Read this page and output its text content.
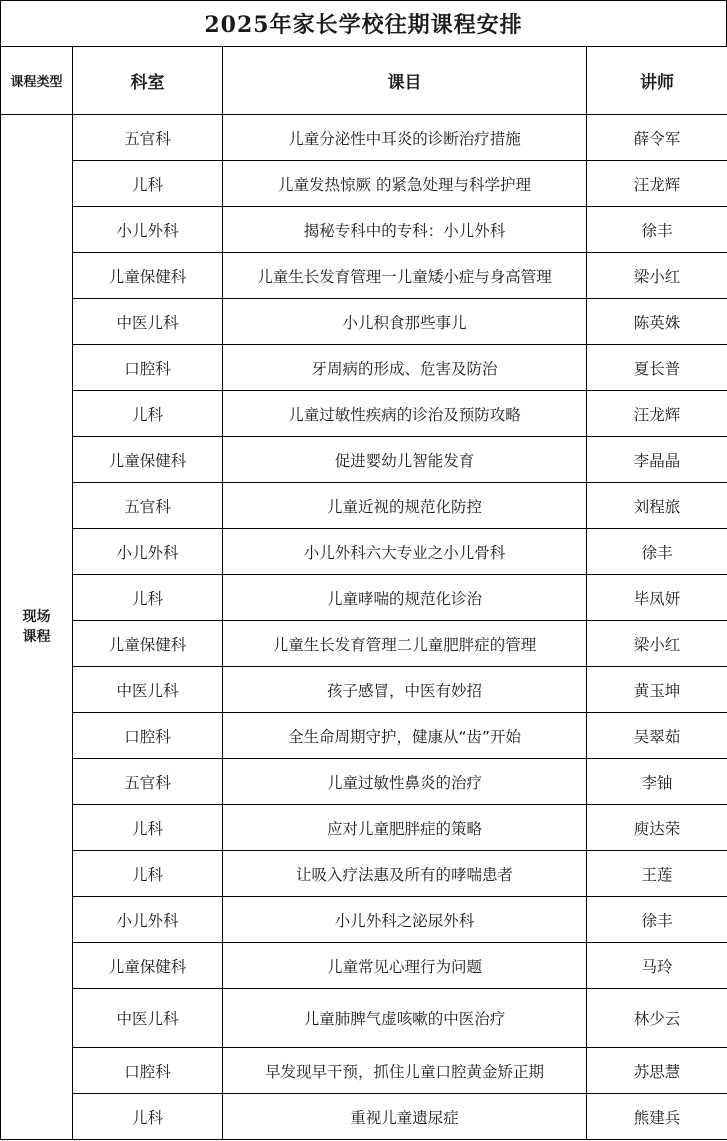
2025年家长学校往期课程安排
课程类型	科室	课目	讲师

现场
课程	五官科	儿童分泌性中耳炎的诊断治疗措施	薛令军
	儿科	儿童发热惊厥 的紧急处理与科学护理	汪龙辉
	小儿外科	揭秘专科中的专科：小儿外科	徐丰
	儿童保健科	儿童生长发育管理一儿童矮小症与身高管理	梁小红
	中医儿科	小儿积食那些事儿	陈英姝
	口腔科	牙周病的形成、危害及防治	夏长普
	儿科	儿童过敏性疾病的诊治及预防攻略	汪龙辉
	儿童保健科	促进婴幼儿智能发育	李晶晶
	五官科	儿童近视的规范化防控	刘程旅
	小儿外科	小儿外科六大专业之小儿骨科	徐丰
	儿科	儿童哮喘的规范化诊治	毕凤妍
	儿童保健科	儿童生长发育管理二儿童肥胖症的管理	梁小红
	中医儿科	孩子感冒，中医有妙招	黄玉坤
	口腔科	全生命周期守护，健康从“齿”开始	吴翠茹
	五官科	儿童过敏性鼻炎的治疗	李铀
	儿科	应对儿童肥胖症的策略	庾达荣
	儿科	让吸入疗法惠及所有的哮喘患者	王莲
	小儿外科	小儿外科之泌尿外科	徐丰
	儿童保健科	儿童常见心理行为问题	马玲
	中医儿科	儿童肺脾气虚咳嗽的中医治疗	林少云
	口腔科	早发现早干预，抓住儿童口腔黄金矫正期	苏思慧
	儿科	重视儿童遗尿症	熊建兵
